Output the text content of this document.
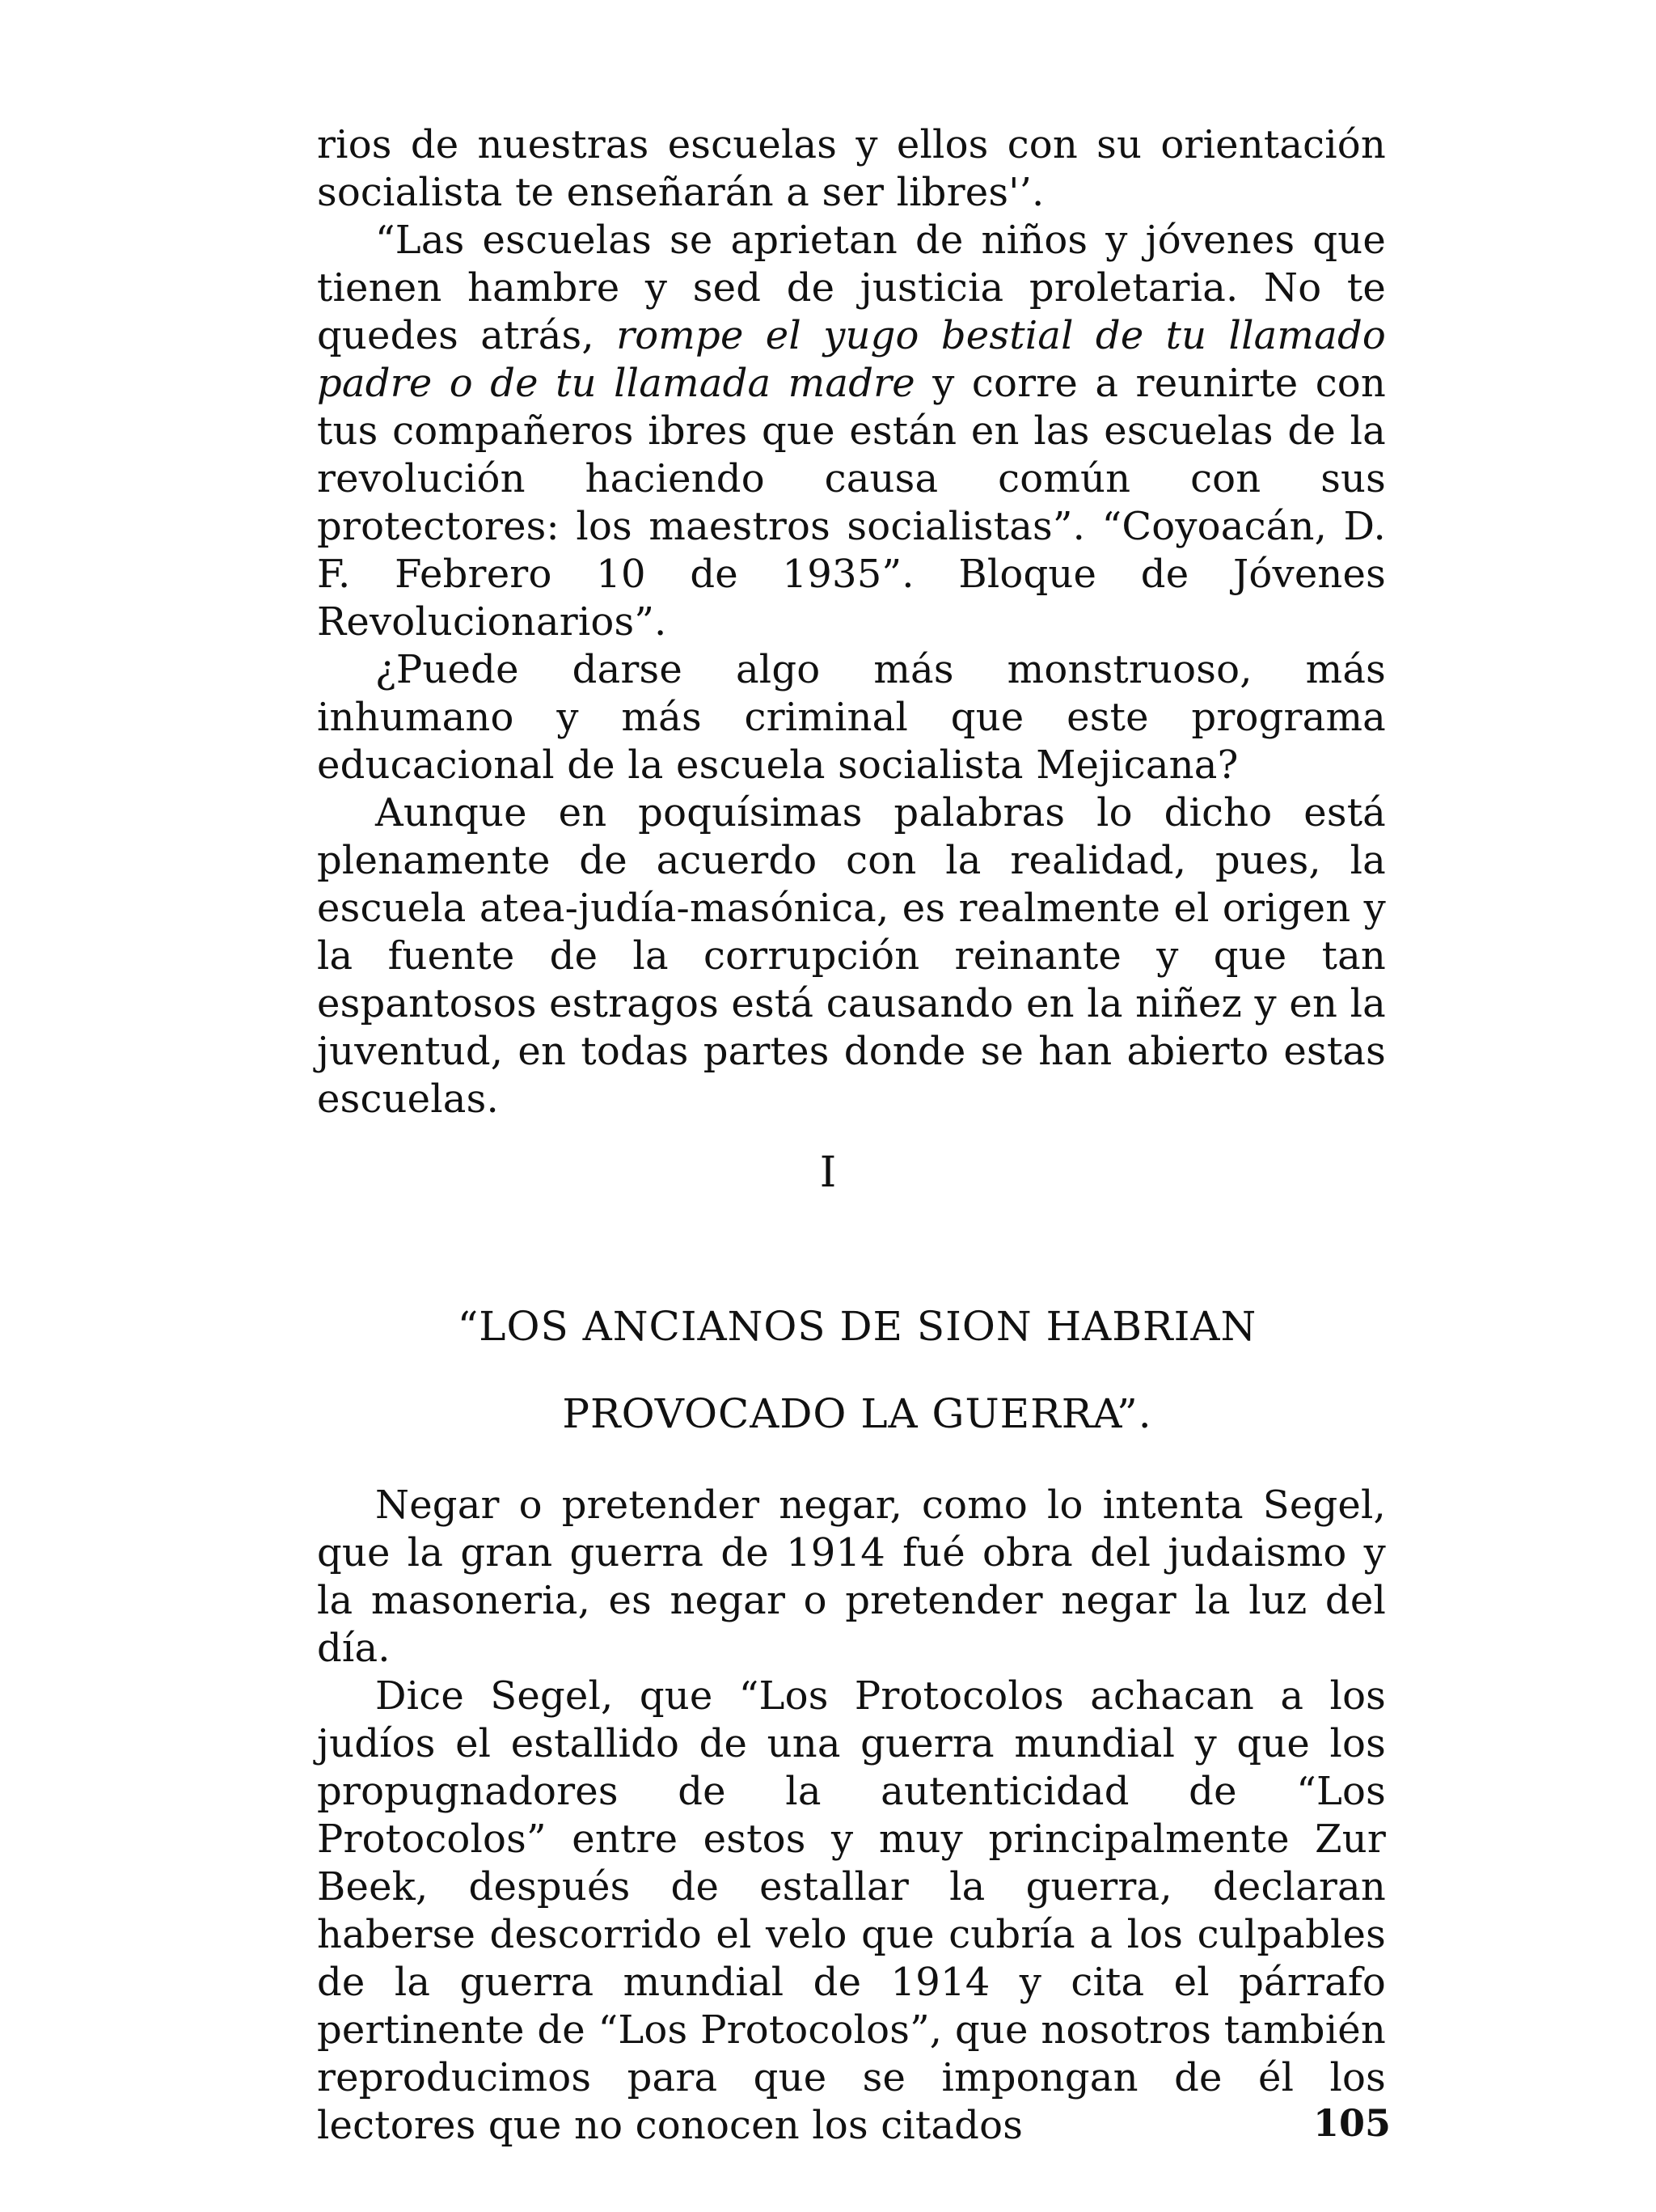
rios de nuestras escuelas y ellos con su orientación socialista te enseñarán a ser libres'’.

“Las escuelas se aprietan de niños y jóvenes que tienen hambre y sed de justicia proletaria. No te quedes atrás, rompe el yugo bestial de tu llamado padre o de tu llamada madre y corre a reunirte con tus compañeros ibres que están en las escuelas de la revolución haciendo causa común con sus protectores: los maestros socialistas”. “Coyoacán, D. F. Febrero 10 de 1935”. Bloque de Jóvenes Revolucionarios”.

¿Puede darse algo más monstruoso, más inhumano y más criminal que este programa educacional de la escuela socialista Mejicana?

Aunque en poquísimas palabras lo dicho está plenamente de acuerdo con la realidad, pues, la escuela atea-judía-masónica, es realmente el origen y la fuente de la corrupción reinante y que tan espantosos estragos está causando en la niñez y en la juventud, en todas partes donde se han abierto estas escuelas.

I

“LOS ANCIANOS DE SION HABRIAN

PROVOCADO LA GUERRA”.

Negar o pretender negar, como lo intenta Segel, que la gran guerra de 1914 fué obra del judaismo y la masoneria, es negar o pretender negar la luz del día.

Dice Segel, que “Los Protocolos achacan a los judíos el estallido de una guerra mundial y que los propugnadores de la autenticidad de “Los Protocolos” entre estos y muy principalmente Zur Beek, después de estallar la guerra, declaran haberse descorrido el velo que cubría a los culpables de la guerra mundial de 1914 y cita el párrafo pertinente de “Los Protocolos”, que nosotros también reproducimos para que se impongan de él los lectores que no conocen los citados	105
